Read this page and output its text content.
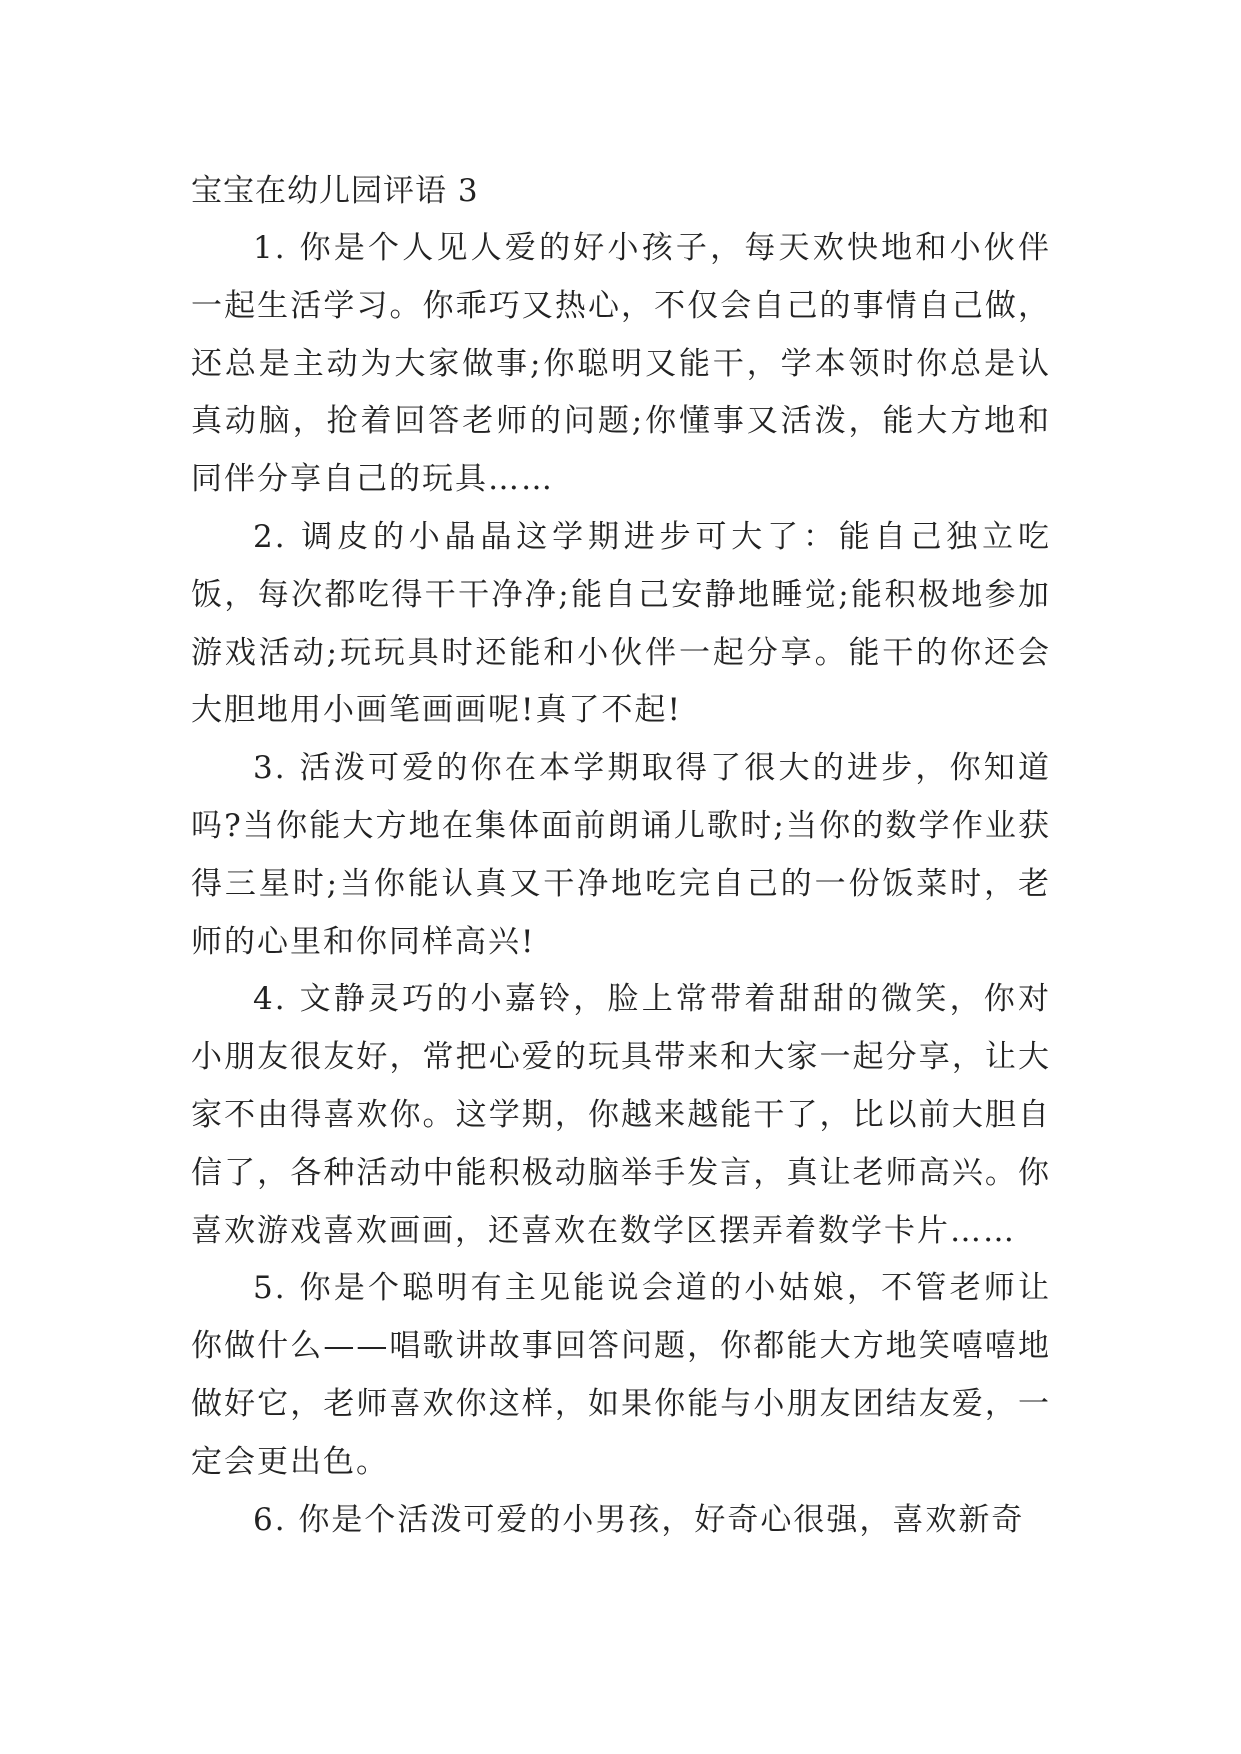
宝宝在幼儿园评语 3

1. 你是个人见人爱的好小孩子，每天欢快地和小伙伴一起生活学习。你乖巧又热心，不仅会自己的事情自己做，还总是主动为大家做事;你聪明又能干，学本领时你总是认真动脑，抢着回答老师的问题;你懂事又活泼，能大方地和同伴分享自己的玩具……

2. 调皮的小晶晶这学期进步可大了：能自己独立吃饭，每次都吃得干干净净;能自己安静地睡觉;能积极地参加游戏活动;玩玩具时还能和小伙伴一起分享。能干的你还会大胆地用小画笔画画呢!真了不起!

3. 活泼可爱的你在本学期取得了很大的进步，你知道吗?当你能大方地在集体面前朗诵儿歌时;当你的数学作业获得三星时;当你能认真又干净地吃完自己的一份饭菜时，老师的心里和你同样高兴!

4. 文静灵巧的小嘉铃，脸上常带着甜甜的微笑，你对小朋友很友好，常把心爱的玩具带来和大家一起分享，让大家不由得喜欢你。这学期，你越来越能干了，比以前大胆自信了，各种活动中能积极动脑举手发言，真让老师高兴。你喜欢游戏喜欢画画，还喜欢在数学区摆弄着数学卡片……

5. 你是个聪明有主见能说会道的小姑娘，不管老师让你做什么——唱歌讲故事回答问题，你都能大方地笑嘻嘻地做好它，老师喜欢你这样，如果你能与小朋友团结友爱，一定会更出色。

6. 你是个活泼可爱的小男孩，好奇心很强，喜欢新奇
